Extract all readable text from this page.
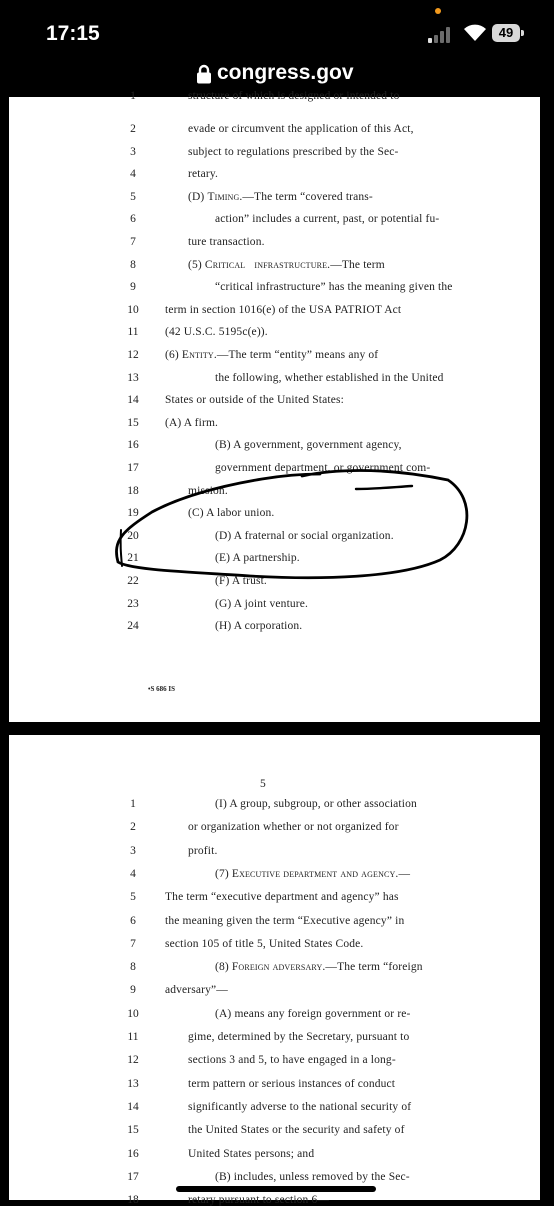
17:15	49
congress.gov
1	structure of which is designed or intended to
2	evade or circumvent the application of this Act,
3	subject to regulations prescribed by the Sec-
4	retary.
5	(D) Timing.—The term “covered trans-
6	action” includes a current, past, or potential fu-
7	ture transaction.
8	(5) Critical   infrastructure.—The term
9	“critical infrastructure” has the meaning given the
10	term in section 1016(e) of the USA PATRIOT Act
11	(42 U.S.C. 5195c(e)).
12	(6) Entity.—The term “entity” means any of
13	the following, whether established in the United
14	States or outside of the United States:
15	(A) A firm.
16	(B) A government, government agency,
17	government department, or government com-
18	mission.
19	(C) A labor union.
20	(D) A fraternal or social organization.
21	(E) A partnership.
22	(F) A trust.
23	(G) A joint venture.
24	(H) A corporation.
•S 686 IS
5
1	(I) A group, subgroup, or other association
2	or organization whether or not organized for
3	profit.
4	(7) Executive department and agency.—
5	The term “executive department and agency” has
6	the meaning given the term “Executive agency” in
7	section 105 of title 5, United States Code.
8	(8) Foreign adversary.—The term “foreign
9	adversary”—
10	(A) means any foreign government or re-
11	gime, determined by the Secretary, pursuant to
12	sections 3 and 5, to have engaged in a long-
13	term pattern or serious instances of conduct
14	significantly adverse to the national security of
15	the United States or the security and safety of
16	United States persons; and
17	(B) includes, unless removed by the Sec-
18	retary pursuant to section 6—
